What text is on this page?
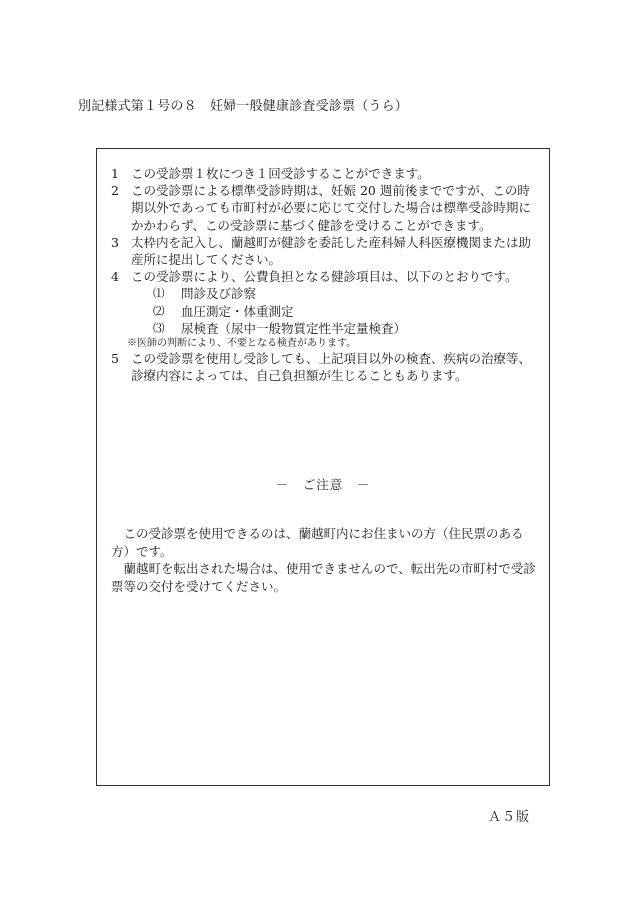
別記様式第１号の８　妊婦一般健康診査受診票（うら）
1 この受診票１枚につき１回受診することができます。
2 この受診票による標準受診時期は、妊娠 20 週前後までですが、この時期以外であっても市町村が必要に応じて交付した場合は標準受診時期にかかわらず、この受診票に基づく健診を受けることができます。
3 太枠内を記入し、蘭越町が健診を委託した産科婦人科医療機関または助産所に提出してください。
4 この受診票により、公費負担となる健診項目は、以下のとおりです。
⑴	問診及び診察
⑵	血圧測定・体重測定
⑶	尿検査（尿中一般物質定性半定量検査）
※医師の判断により、不要となる検査があります。
5 この受診票を使用し受診しても、上記項目以外の検査、疾病の治療等、診療内容によっては、自己負担額が生じることもあります。
－　ご注意　－

この受診票を使用できるのは、蘭越町内にお住まいの方（住民票のある方）です。

蘭越町を転出された場合は、使用できませんので、転出先の市町村で受診票等の交付を受けてください。

Ａ５版
